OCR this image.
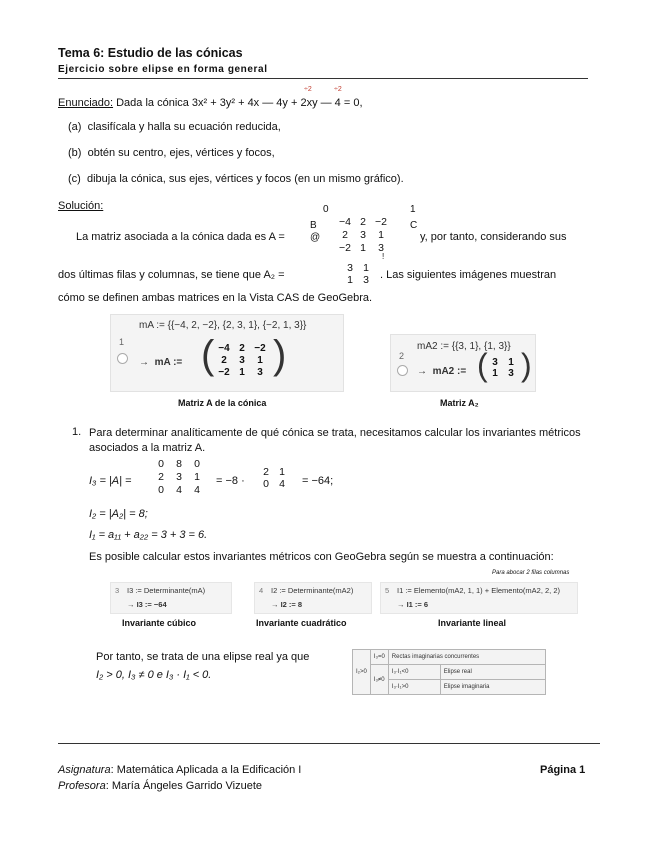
Tema 6: Estudio de las cónicas
Ejercicio sobre elipse en forma general
÷2	÷2
Enunciado: Dada la cónica 3x² + 3y² + 4x — 4y + 2xy — 4 = 0,
(a) clasifícala y halla su ecuación reducida,
(b) obtén su centro, ejes, vértices y focos,
(c) dibuja la cónica, sus ejes, vértices y focos (en un mismo gráfico).
Solución:	0	1
La matriz asociada a la cónica dada es A =
B
@
C
−4 2 −2
2	3	1
−2 1	3
!
y, por tanto, considerando sus
dos últimas filas y columnas, se tiene que A₂ =
3 1
1 3	. Las siguientes imágenes muestran
cómo se definen ambas matrices en la Vista CAS de GeoGebra.
1
mA := {{−4, 2, −2}, {2, 3, 1}, {−2, 1, 3}}
→  mA := ( −4 2 −2
2	3	1
−2 1	3 )
Matriz A de la cónica
2
mA2 := {{3, 1}, {1, 3}}
→  mA2 := ( 3	1
1	3 )
Matriz A₂
1. Para determinar analíticamente de qué cónica se trata, necesitamos calcular los invariantes métricos asociados a la matriz A.
I₃ = |A| =
0	8	0
2	3	1
0	4	4
= −8 ·
2 1
0 4	= −64;
I₂ = |A₂| = 8;
I₁ = a₁₁ + a₂₂ = 3 + 3 = 6.
Es posible calcular estos invariantes métricos con GeoGebra según se muestra a continuación:
Para abocar 2 filas columnas
3 I3 := Determinante(mA)
→ I3 := −64
Invariante cúbico
4 I2 := Determinante(mA2)
→ I2 := 8
Invariante cuadrático
5 I1 := Elemento(mA2, 1, 1) + Elemento(mA2, 2, 2)
→ I1 := 6
Invariante lineal
Por tanto, se trata de una elipse real ya que
I₂ > 0, I₃ ≠ 0 e I₃ · I₁ < 0.	I₂>0	I₃=0	Rectas imaginarias concurrentes	
	I₃≠0	I₃·I₁<0	Elipse real
		I₃·I₁>0	Elipse imaginaria
Asignatura: Matemática Aplicada a la Edificación I
Profesora: María Ángeles Garrido Vizuete
Página 1
